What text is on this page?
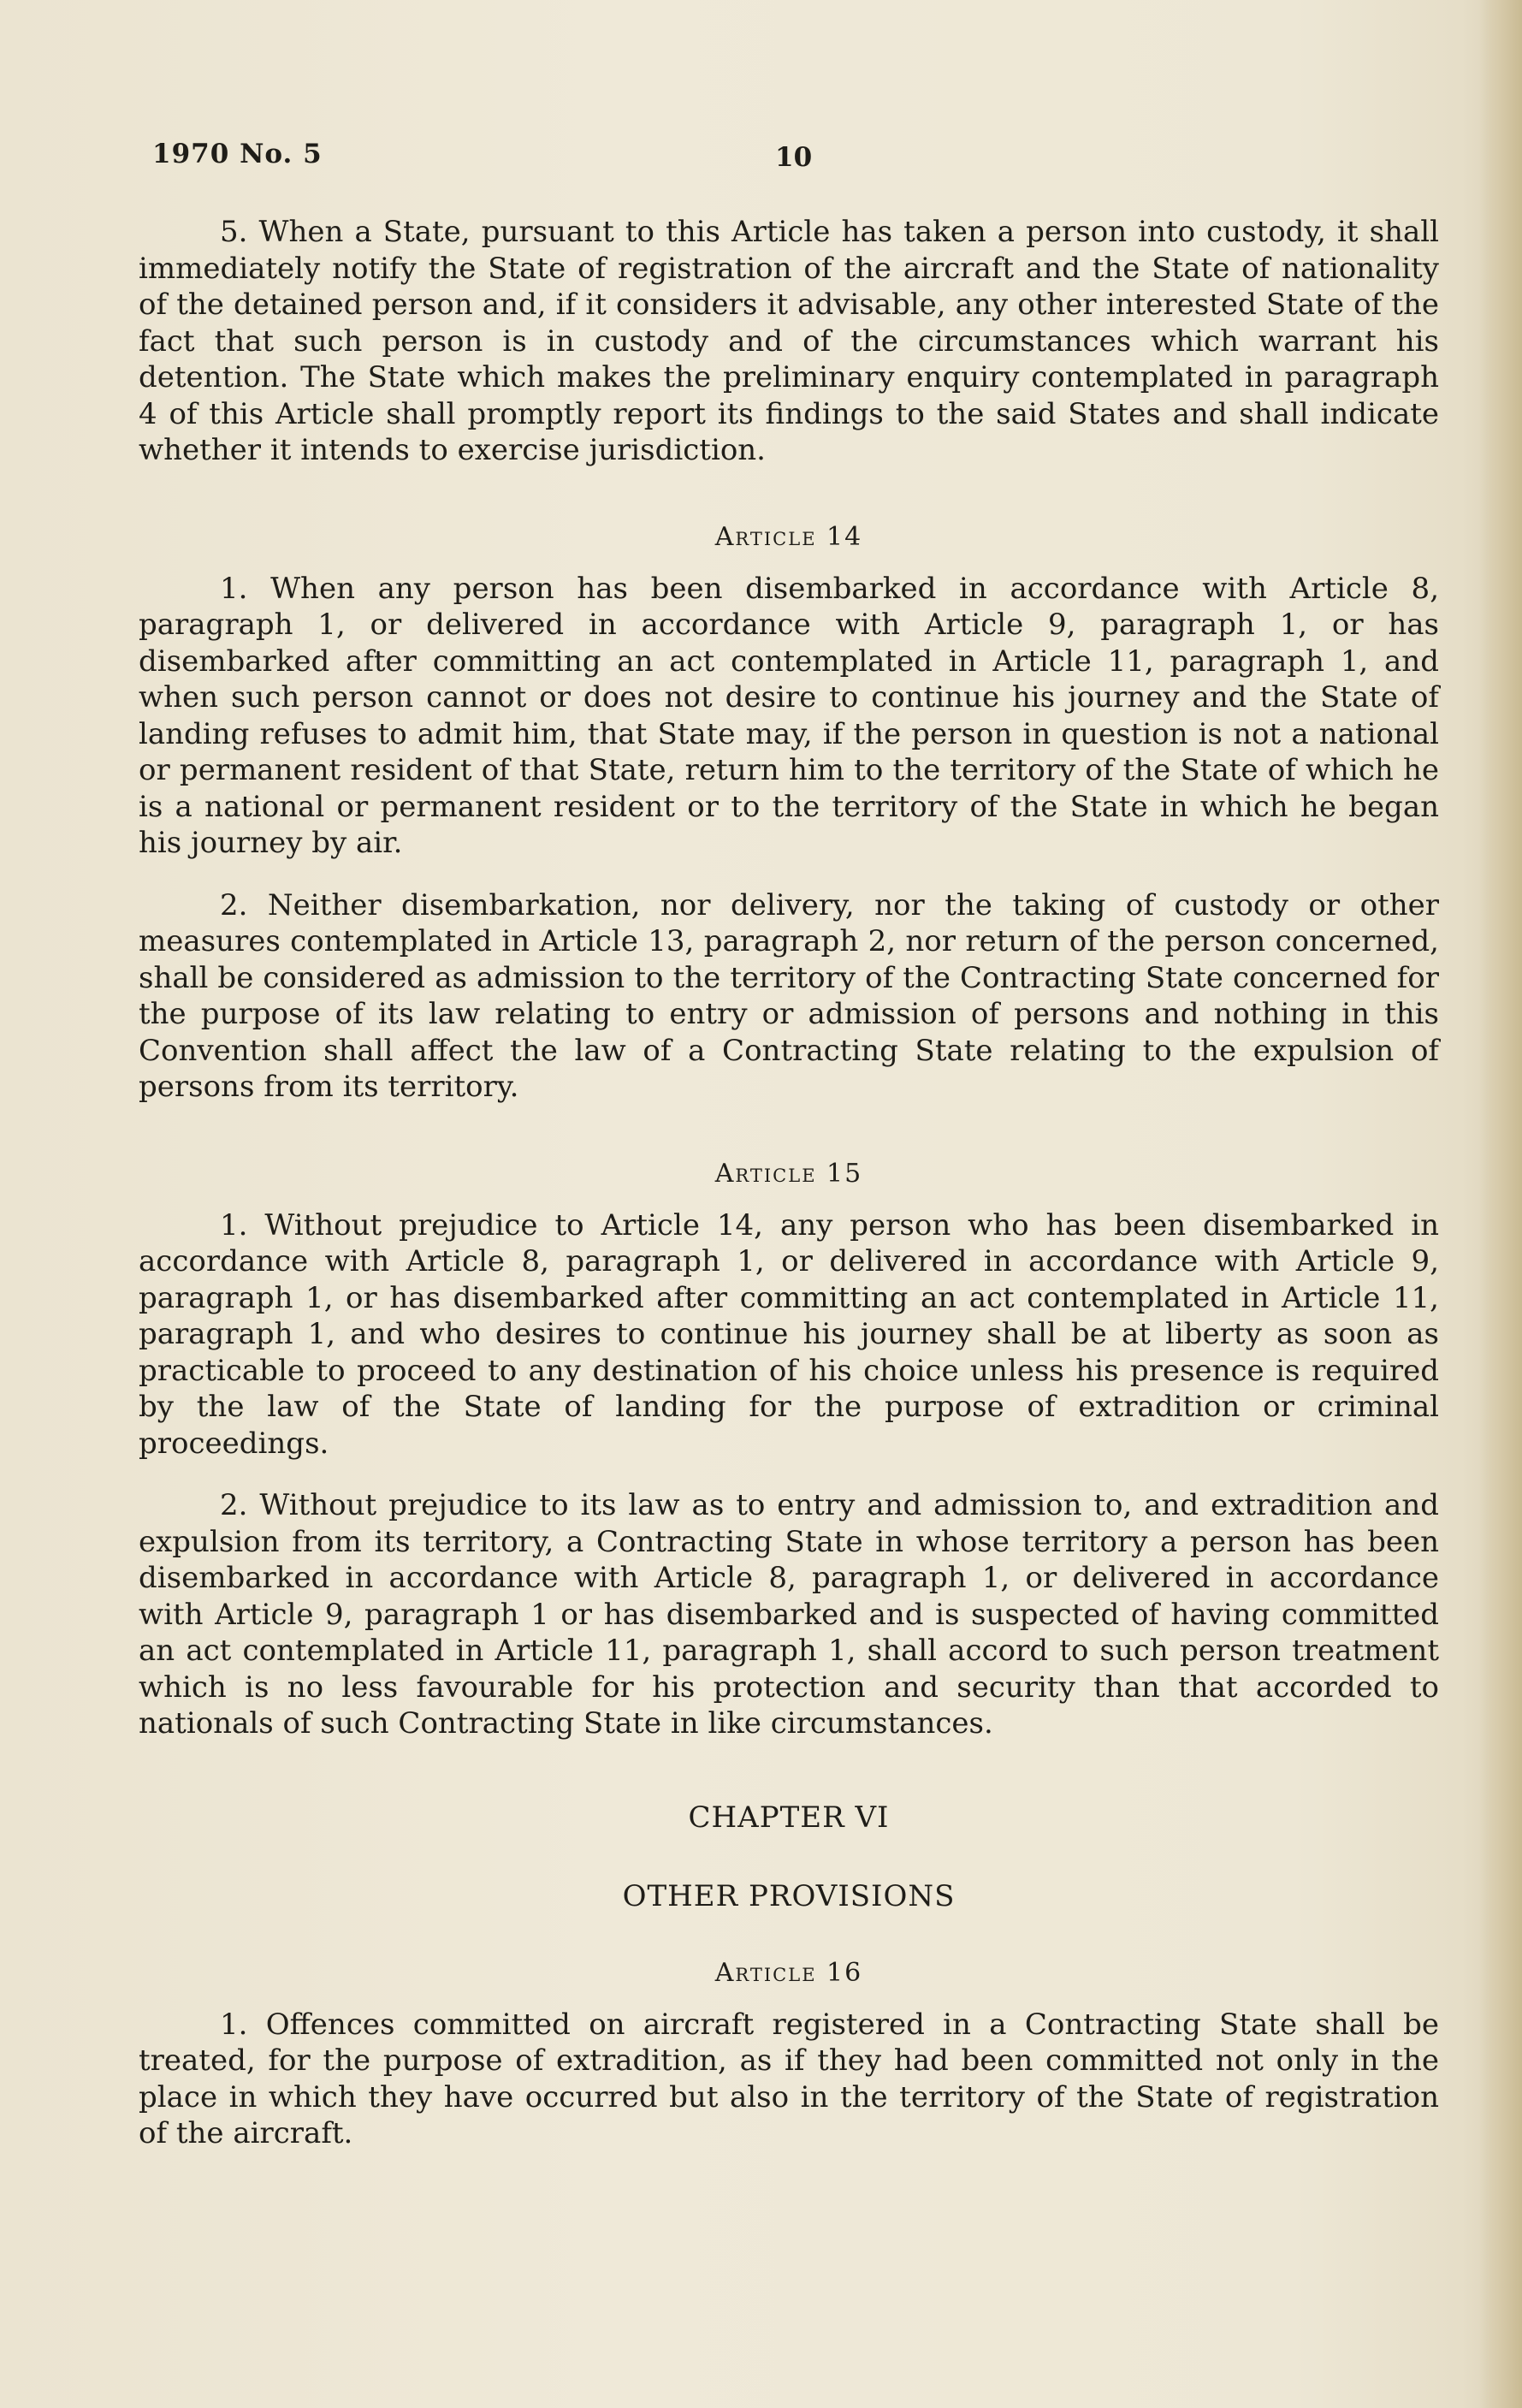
1970 No. 5	10

5. When a State, pursuant to this Article has taken a person into custody, it shall immediately notify the State of registration of the aircraft and the State of nationality of the detained person and, if it considers it advisable, any other interested State of the fact that such person is in custody and of the circumstances which warrant his detention. The State which makes the preliminary enquiry contemplated in paragraph 4 of this Article shall promptly report its findings to the said States and shall indicate whether it intends to exercise jurisdiction.

Article 14

1. When any person has been disembarked in accordance with Article 8, paragraph 1, or delivered in accordance with Article 9, paragraph 1, or has disembarked after committing an act contemplated in Article 11, paragraph 1, and when such person cannot or does not desire to continue his journey and the State of landing refuses to admit him, that State may, if the person in question is not a national or permanent resident of that State, return him to the territory of the State of which he is a national or permanent resident or to the territory of the State in which he began his journey by air.

2. Neither disembarkation, nor delivery, nor the taking of custody or other measures contemplated in Article 13, paragraph 2, nor return of the person concerned, shall be considered as admission to the territory of the Contracting State concerned for the purpose of its law relating to entry or admission of persons and nothing in this Convention shall affect the law of a Contracting State relating to the expulsion of persons from its territory.

Article 15

1. Without prejudice to Article 14, any person who has been disembarked in accordance with Article 8, paragraph 1, or delivered in accordance with Article 9, paragraph 1, or has disembarked after committing an act contemplated in Article 11, paragraph 1, and who desires to continue his journey shall be at liberty as soon as practicable to proceed to any destination of his choice unless his presence is required by the law of the State of landing for the purpose of extradition or criminal proceedings.

2. Without prejudice to its law as to entry and admission to, and extradition and expulsion from its territory, a Contracting State in whose territory a person has been disembarked in accordance with Article 8, paragraph 1, or delivered in accordance with Article 9, paragraph 1 or has disembarked and is suspected of having committed an act contemplated in Article 11, paragraph 1, shall accord to such person treatment which is no less favourable for his protection and security than that accorded to nationals of such Contracting State in like circumstances.

CHAPTER VI
OTHER PROVISIONS
Article 16

1. Offences committed on aircraft registered in a Contracting State shall be treated, for the purpose of extradition, as if they had been committed not only in the place in which they have occurred but also in the territory of the State of registration of the aircraft.
